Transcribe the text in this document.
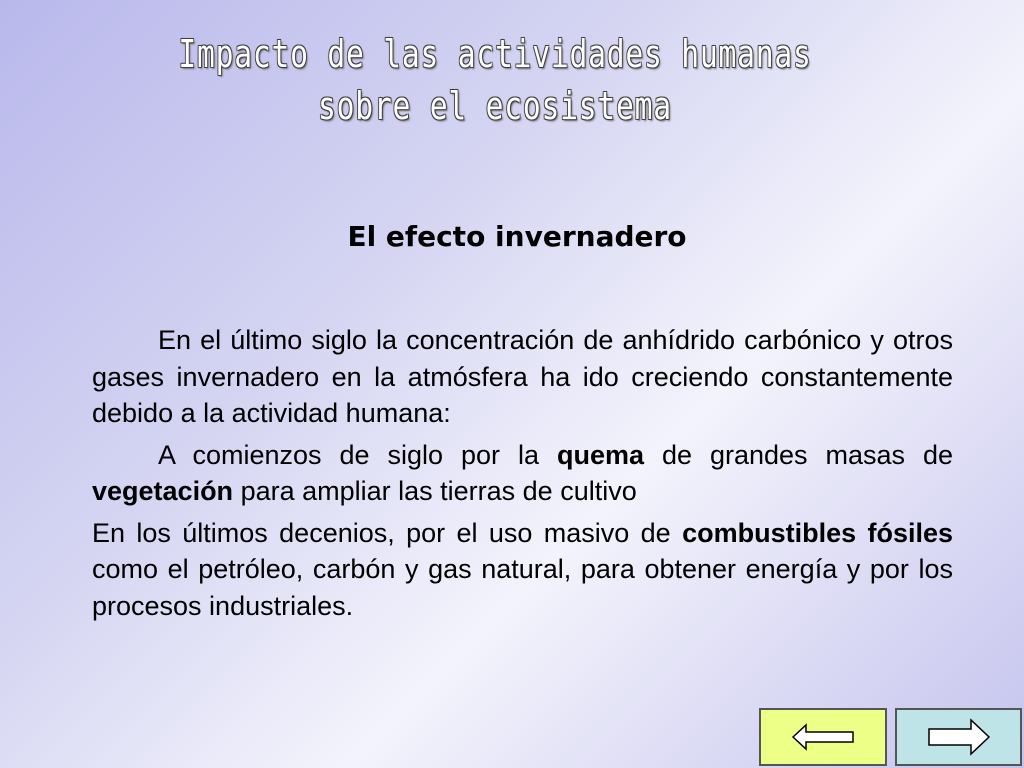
Impacto de las actividades humanas
sobre el ecosistema
El efecto invernadero

En el último siglo la concentración de anhídrido carbónico y otros gases invernadero en la atmósfera ha ido creciendo constantemente debido a la actividad humana:

A comienzos de siglo por la quema de grandes masas de vegetación para ampliar las tierras de cultivo

En los últimos decenios, por el uso masivo de combustibles fósiles como el petróleo, carbón y gas natural, para obtener energía y por los procesos industriales.
